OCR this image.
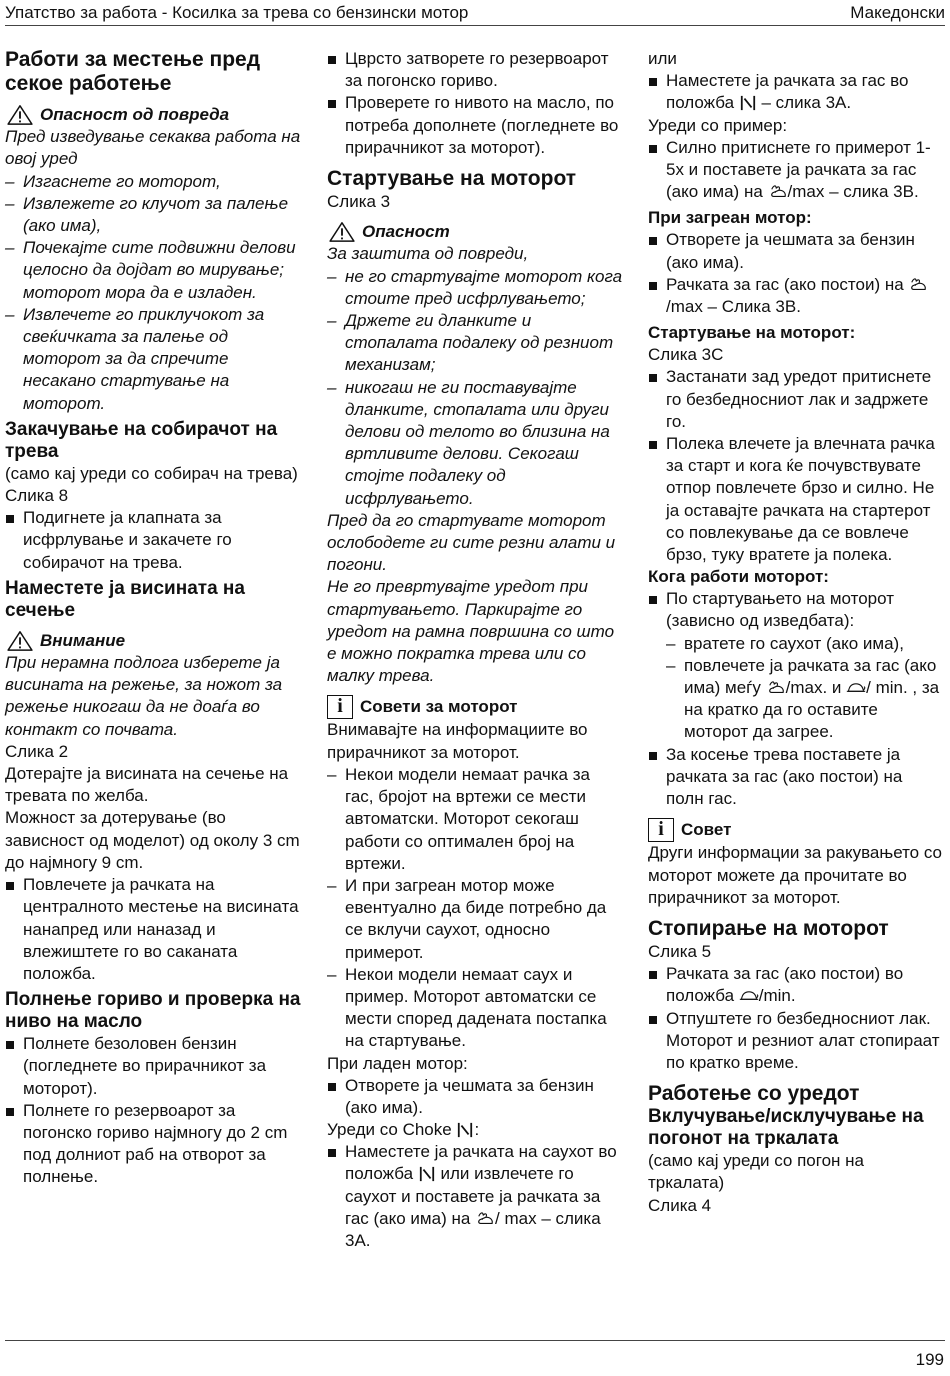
Упатство за работа - Косилка за трева со бензински мотор	Македонски
Работи за местење пред секое работење
Опасност од повреда

Пред изведување секаква работа на овој уред

– Изгаснете го моторот,
– Извлежете го клучот за палење (ако има),
– Почекајте сите подвижни делови целосно да дојдат во мирување; моторот мора да е изладен.
– Извлечете го приклучокот за свеќичката за палење од моторот за да спречите несакано стартување на моторот.
Закачување на собирачот на трева

(само кај уреди со собирач на трева)

Слика 8

Подигнете ја клапната за исфрлување и закачете го собирачот на трева.
Наместете ја висината на сечење
Внимание

При нерамна подлога изберете ја висината на режење, за ножот за режење никогаш да не доаѓа во контакт со почвата.

Слика 2

Дотерајте ја висината на сечење на тревата по желба.

Можност за дотерување (во зависност од моделот) од околу 3 cm до најмногу 9 cm.

Повлечете ја рачката на централното местење на висината нанапред или наназад и влежиштете го во саканата положба.
Полнење гориво и проверка на ниво на масло
Полнете безоловен бензин (погледнете во прирачникот за моторот).
Полнете го резервоарот за погонско гориво најмногу до 2 cm под долниот раб на отворот за полнење.
Цврсто затворете го резервоарот за погонско гориво.
Проверете го нивото на масло, по потреба дополнете (погледнете во прирачникот за моторот).
Стартување на моторот

Слика 3

Опасност

За заштита од повреди,

– не го стартувајте моторот кога стоите пред исфрлувањето;
– Држете ги дланките и стопалата подалеку од резниот механизам;
– никогаш не ги поставувајте дланките, стопалата или други делови од телото во близина на вртливите делови. Секогаш стојте подалеку од исфрлувањето.

Пред да го стартувате моторот ослободете ги сите резни алати и погони.

Не го превртувајте уредот при стартувањето. Паркирајте го уредот на рамна површина со што е можно пократка трева или со малку трева.

i	Совети за моторот

Внимавајте на информациите во прирачникот за моторот.

– Некои модели немаат рачка за гас, бројот на вртежи се мести автоматски. Моторот секогаш работи со оптимален број на вртежи.
– И при загреан мотор може евентуално да биде потребно да се вклучи саухот, односно примерот.
– Некои модели немаат саух и пример. Моторот автоматски се мести според дадената постапка на стартување.
При ладен мотор:
Отворете ја чешмата за бензин (ако има).

Уреди со Choke :

Наместете ја рачката на саухот во положба или извлечете го саухот и поставете ја рачката за гас (ако има) на / max – слика 3A.

или

Наместете ја рачката за гас во положба – слика 3A.

Уреди со пример:

Силно притиснете го примерот 1-5x и поставете ја рачката за гас (ако има) на /max – слика 3B.
При загреан мотор:
Отворете ја чешмата за бензин (ако има).
Рачката за гас (ако постои) на /max – Слика 3B.
Стартување на моторот:

Слика 3C

Застанати зад уредот притиснете го безбедносниот лак и задржете го.
Полека влечете ја влечната рачка за старт и кога ќе почувствувате отпор повлечете брзо и силно. Не ја оставајте рачката на стартерот со повлекување да се вовлече брзо, туку вратете ја полека.
Кога работи моторот:
По стартувањето на моторот (зависно од изведбата):
– вратете го саухот (ако има),
– повлечете ја рачката за гас (ако има) меѓу /max. и / min. , за на кратко да го оставите моторот да загрее.
За косење трева поставете ја рачката за гас (ако постои) на полн гас.
i	Совет

Други информации за ракувањето со моторот можете да прочитате во прирачникот за моторот.

Стопирање на моторот

Слика 5

Рачката за гас (ако постои) во положба /min.
Отпуштете го безбедносниот лак. Моторот и резниот алат стопираат по кратко време.
Работење со уредот
Вклучување/исклучување на погонот на тркалата

(само кај уреди со погон на тркалата)

Слика 4

199
